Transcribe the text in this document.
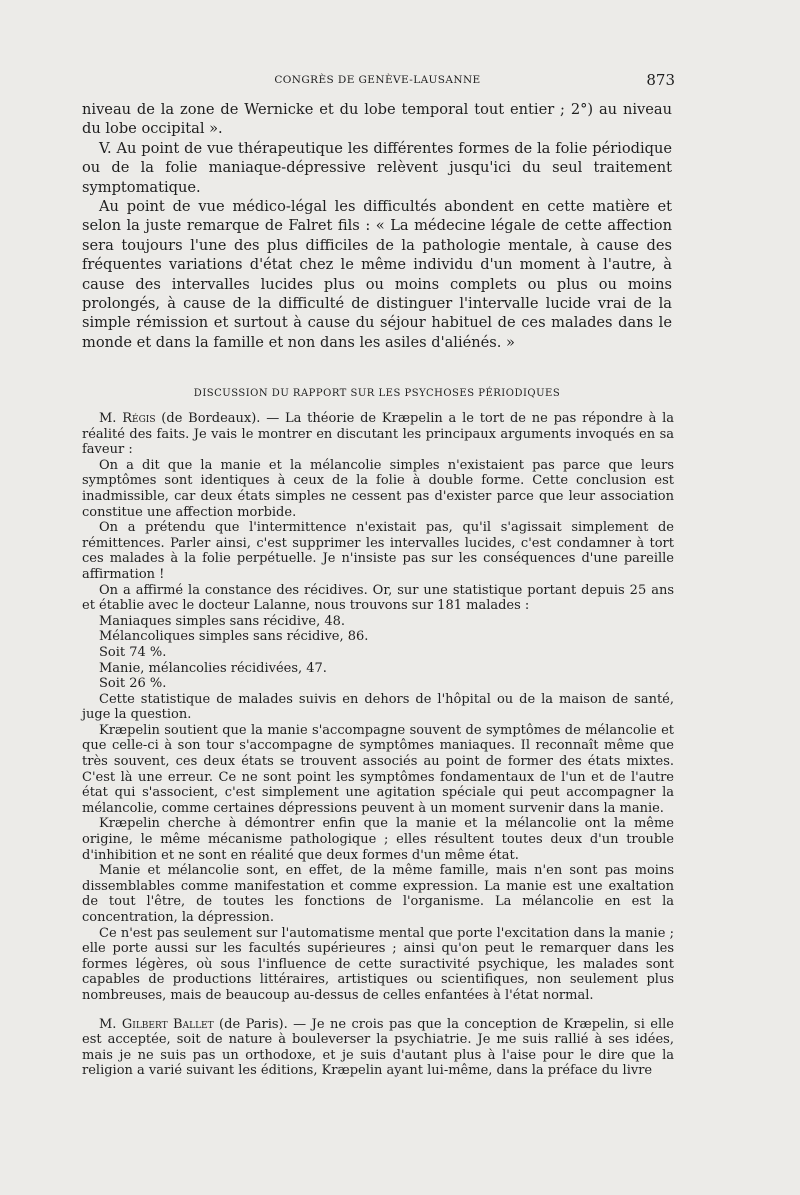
CONGRÈS DE GENÈVE-LAUSANNE	873

niveau de la zone de Wernicke et du lobe temporal tout entier ; 2°) au niveau du lobe occipital ».

V. Au point de vue thérapeutique les différentes formes de la folie périodique ou de la folie maniaque-dépressive relèvent jusqu'ici du seul traitement symptomatique.

Au point de vue médico-légal les difficultés abondent en cette matière et selon la juste remarque de Falret fils : « La médecine légale de cette affection sera toujours l'une des plus difficiles de la pathologie mentale, à cause des fréquentes variations d'état chez le même individu d'un moment à l'autre, à cause des intervalles lucides plus ou moins complets ou plus ou moins prolongés, à cause de la difficulté de distinguer l'intervalle lucide vrai de la simple rémission et surtout à cause du séjour habituel de ces malades dans le monde et dans la famille et non dans les asiles d'aliénés. »

DISCUSSION DU RAPPORT SUR LES PSYCHOSES PÉRIODIQUES

M. Régis (de Bordeaux). — La théorie de Kræpelin a le tort de ne pas répondre à la réalité des faits. Je vais le montrer en discutant les principaux arguments invoqués en sa faveur :

On a dit que la manie et la mélancolie simples n'existaient pas parce que leurs symptômes sont identiques à ceux de la folie à double forme. Cette conclusion est inadmissible, car deux états simples ne cessent pas d'exister parce que leur association constitue une affection morbide.

On a prétendu que l'intermittence n'existait pas, qu'il s'agissait simplement de rémittences. Parler ainsi, c'est supprimer les intervalles lucides, c'est condamner à tort ces malades à la folie perpétuelle. Je n'insiste pas sur les conséquences d'une pareille affirmation !

On a affirmé la constance des récidives. Or, sur une statistique portant depuis 25 ans et établie avec le docteur Lalanne, nous trouvons sur 181 malades :

Maniaques simples sans récidive, 48.

Mélancoliques simples sans récidive, 86.

Soit 74 %.

Manie, mélancolies récidivées, 47.

Soit 26 %.

Cette statistique de malades suivis en dehors de l'hôpital ou de la maison de santé, juge la question.

Kræpelin soutient que la manie s'accompagne souvent de symptômes de mélancolie et que celle-ci à son tour s'accompagne de symptômes maniaques. Il reconnaît même que très souvent, ces deux états se trouvent associés au point de former des états mixtes. C'est là une erreur. Ce ne sont point les symptômes fondamentaux de l'un et de l'autre état qui s'associent, c'est simplement une agitation spéciale qui peut accompagner la mélancolie, comme certaines dépressions peuvent à un moment survenir dans la manie.

Kræpelin cherche à démontrer enfin que la manie et la mélancolie ont la même origine, le même mécanisme pathologique ; elles résultent toutes deux d'un trouble d'inhibition et ne sont en réalité que deux formes d'un même état.

Manie et mélancolie sont, en effet, de la même famille, mais n'en sont pas moins dissemblables comme manifestation et comme expression. La manie est une exaltation de tout l'être, de toutes les fonctions de l'organisme. La mélancolie en est la concentration, la dépression.

Ce n'est pas seulement sur l'automatisme mental que porte l'excitation dans la manie ; elle porte aussi sur les facultés supérieures ; ainsi qu'on peut le remarquer dans les formes légères, où sous l'influence de cette suractivité psychique, les malades sont capables de productions littéraires, artistiques ou scientifiques, non seulement plus nombreuses, mais de beaucoup au-dessus de celles enfantées à l'état normal.

M. Gilbert Ballet (de Paris). — Je ne crois pas que la conception de Kræpelin, si elle est acceptée, soit de nature à bouleverser la psychiatrie. Je me suis rallié à ses idées, mais je ne suis pas un orthodoxe, et je suis d'autant plus à l'aise pour le dire que la religion a varié suivant les éditions, Kræpelin ayant lui-même, dans la préface du livre
